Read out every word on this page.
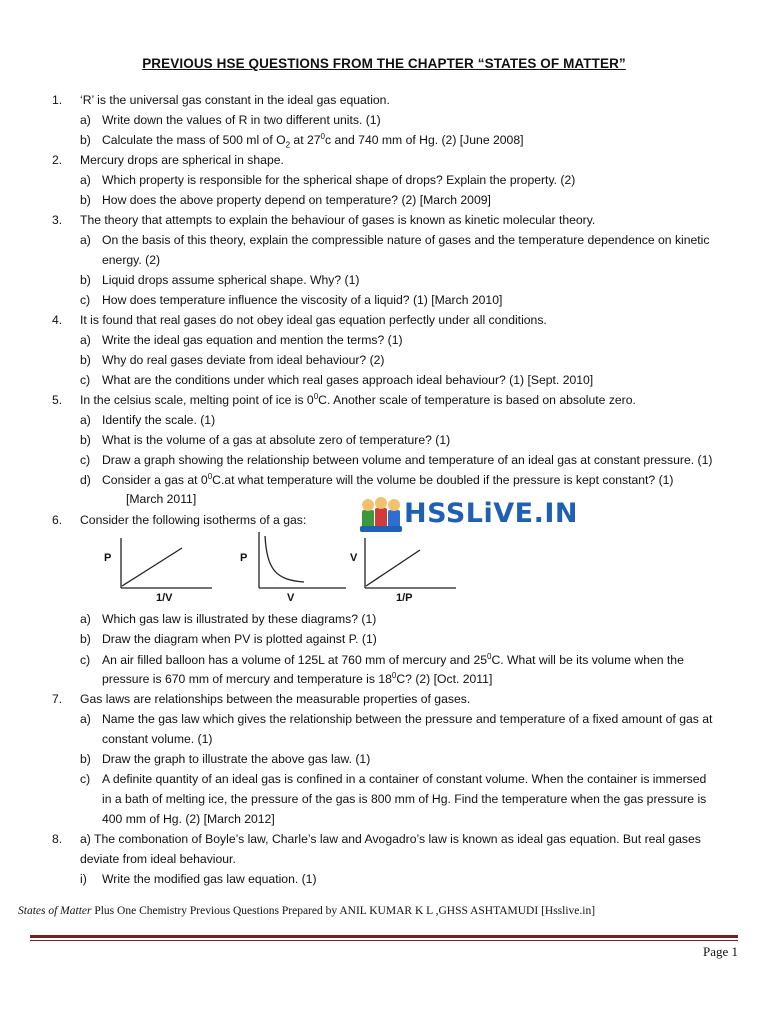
PREVIOUS HSE QUESTIONS FROM THE CHAPTER “STATES OF MATTER”
1. ‘R’ is the universal gas constant in the ideal gas equation.
a) Write down the values of R in two different units. (1)
b) Calculate the mass of 500 ml of $O_2$ at $27^0c$ and 740 mm of Hg. (2) [June 2008]
2. Mercury drops are spherical in shape.
a) Which property is responsible for the spherical shape of drops? Explain the property. (2)
b) How does the above property depend on temperature? (2) [March 2009]
3. The theory that attempts to explain the behaviour of gases is known as kinetic molecular theory.
a) On the basis of this theory, explain the compressible nature of gases and the temperature dependence on kinetic
energy. (2)
b) Liquid drops assume spherical shape. Why? (1)
c) How does temperature influence the viscosity of a liquid? (1) [March 2010]
4. It is found that real gases do not obey ideal gas equation perfectly under all conditions.
a) Write the ideal gas equation and mention the terms? (1)
b) Why do real gases deviate from ideal behaviour? (2)
c) What are the conditions under which real gases approach ideal behaviour? (1) [Sept. 2010]
5. In the celsius scale, melting point of ice is $0^0C$. Another scale of temperature is based on absolute zero.
a) Identify the scale. (1)
b) What is the volume of a gas at absolute zero of temperature? (1)
c) Draw a graph showing the relationship between volume and temperature of an ideal gas at constant pressure. (1)
d) Consider a gas at $0^0C.at$ what temperature will the volume be doubled if the pressure is kept constant? (1)
[March 2011]
6. Consider the following isotherms of a gas:	HSSLiVE.IN
P
1/V
P
V
V
1/P
a) Which gas law is illustrated by these diagrams? (1)
b) Draw the diagram when PV is plotted against P. (1)
c) An air filled balloon has a volume of 125L at 760 mm of mercury and $25^0C$. What will be its volume when the
pressure is 670 mm of mercury and temperature is $18^0C$? (2) [Oct. 2011]
7. Gas laws are relationships between the measurable properties of gases.
a) Name the gas law which gives the relationship between the pressure and temperature of a fixed amount of gas at
constant volume. (1)
b) Draw the graph to illustrate the above gas law. (1)
c) A definite quantity of an ideal gas is confined in a container of constant volume. When the container is immersed
in a bath of melting ice, the pressure of the gas is 800 mm of Hg. Find the temperature when the gas pressure is
400 mm of Hg. (2) [March 2012]
8. a) The combonation of Boyle’s law, Charle’s law and Avogadro’s law is known as ideal gas equation. But real gases
deviate from ideal behaviour.
i) Write the modified gas law equation. (1)
States of Matter Plus One Chemistry Previous Questions Prepared by ANIL KUMAR K L ,GHSS ASHTAMUDI [Hsslive.in]
Page 1
